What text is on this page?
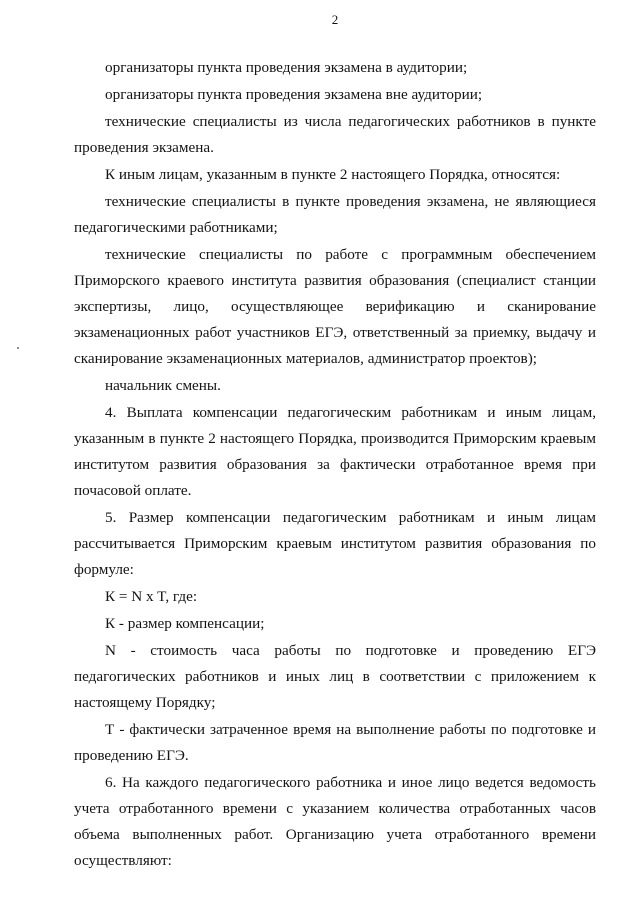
2

организаторы пункта проведения экзамена в аудитории;

организаторы пункта проведения экзамена вне аудитории;

технические специалисты из числа педагогических работников в пункте проведения экзамена.

К иным лицам, указанным в пункте 2 настоящего Порядка, относятся:

технические специалисты в пункте проведения экзамена, не являющиеся педагогическими работниками;

технические специалисты по работе с программным обеспечением Приморского краевого института развития образования (специалист станции экспертизы, лицо, осуществляющее верификацию и сканирование экзаменационных работ участников ЕГЭ, ответственный за приемку, выдачу и сканирование экзаменационных материалов, администратор проектов);

начальник смены.

4. Выплата компенсации педагогическим работникам и иным лицам, указанным в пункте 2 настоящего Порядка, производится Приморским краевым институтом развития образования за фактически отработанное время при почасовой оплате.

5. Размер компенсации педагогическим работникам и иным лицам рассчитывается Приморским краевым институтом развития образования по формуле:

К = N x T, где:

К - размер компенсации;

N - стоимость часа работы по подготовке и проведению ЕГЭ педагогических работников и иных лиц в соответствии с приложением к настоящему Порядку;

Т - фактически затраченное время на выполнение работы по подготовке и проведению ЕГЭ.

6. На каждого педагогического работника и иное лицо ведется ведомость учета отработанного времени с указанием количества отработанных часов объема выполненных работ. Организацию учета отработанного времени осуществляют:
